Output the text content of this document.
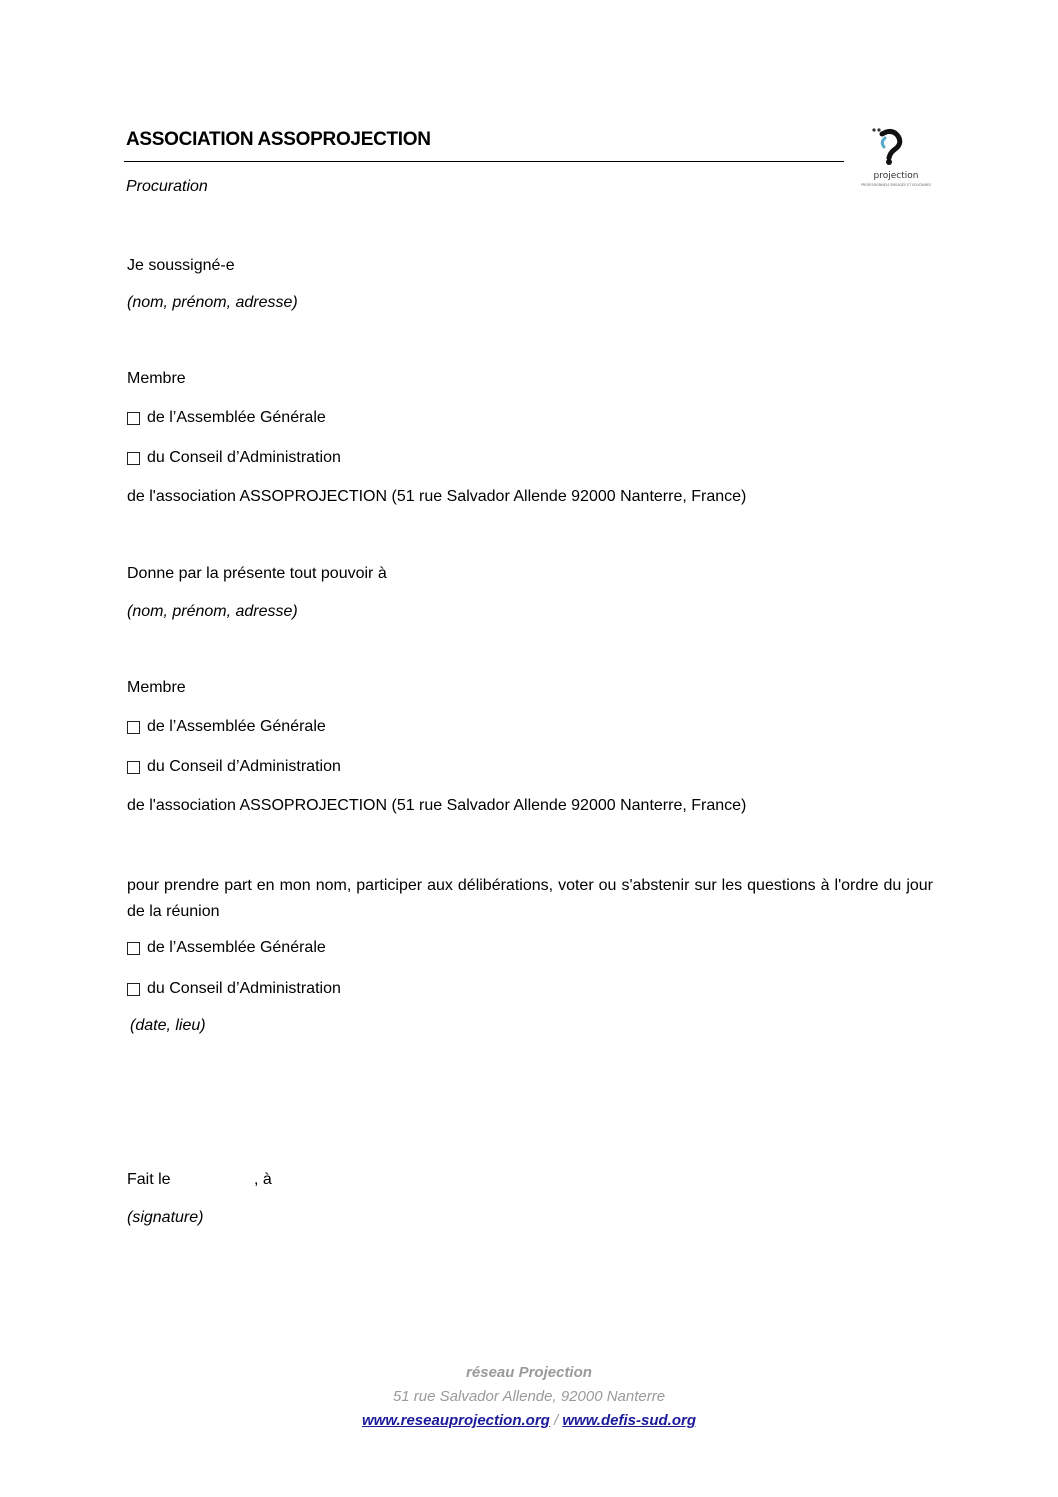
ASSOCIATION ASSOPROJECTION
Procuration
projection
PROFESSIONNELS ENGAGÉS ET SOLIDAIRES
Je soussigné-e
(nom, prénom, adresse)
Membre
de l’Assemblée Générale
du Conseil d’Administration
de l'association ASSOPROJECTION (51 rue Salvador Allende 92000 Nanterre, France)
Donne par la présente tout pouvoir à
(nom, prénom, adresse)
Membre
de l’Assemblée Générale
du Conseil d’Administration
de l'association ASSOPROJECTION (51 rue Salvador Allende 92000 Nanterre, France)
pour prendre part en mon nom, participer aux délibérations, voter ou s'abstenir sur les questions à l'ordre du jour de la réunion
de l’Assemblée Générale
du Conseil d’Administration
(date, lieu)
Fait le	, à
(signature)
réseau Projection
51 rue Salvador Allende, 92000 Nanterre
www.reseauprojection.org / www.defis-sud.org
